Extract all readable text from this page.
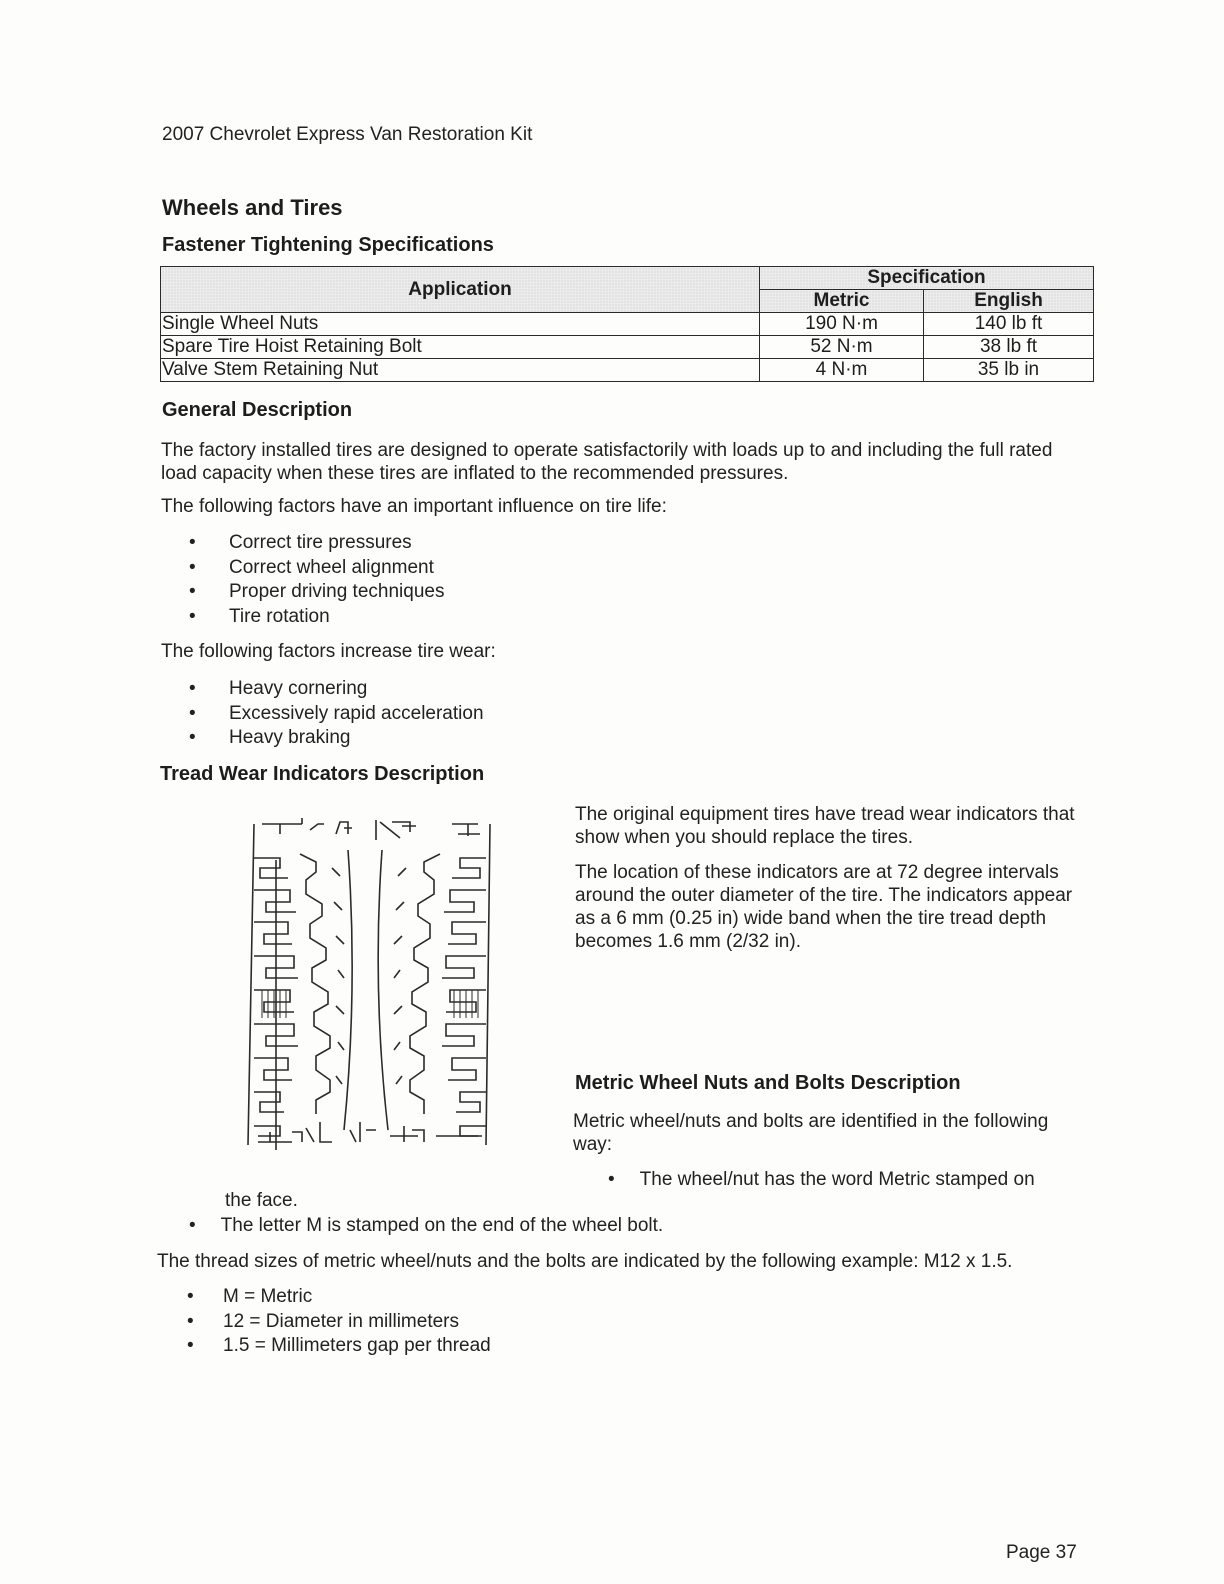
2007 Chevrolet Express Van Restoration Kit
Wheels and Tires
Fastener Tightening Specifications
Application	Specification	
	Metric	English
Single Wheel Nuts	190 N·m	140 lb ft
Spare Tire Hoist Retaining Bolt	52 N·m	38 lb ft
Valve Stem Retaining Nut	4 N·m	35 lb in
General Description
The factory installed tires are designed to operate satisfactorily with loads up to and including the full rated load capacity when these tires are inflated to the recommended pressures.
The following factors have an important influence on tire life:
• Correct tire pressures
• Correct wheel alignment
• Proper driving techniques
• Tire rotation
The following factors increase tire wear:
• Heavy cornering
• Excessively rapid acceleration
• Heavy braking
Tread Wear Indicators Description
The original equipment tires have tread wear indicators that show when you should replace the tires.
The location of these indicators are at 72 degree intervals around the outer diameter of the tire. The indicators appear as a 6 mm (0.25 in) wide band when the tire tread depth becomes 1.6 mm (2/32 in).
Metric Wheel Nuts and Bolts Description
Metric wheel/nuts and bolts are identified in the following way:
• The wheel/nut has the word Metric stamped on
the face.
• The letter M is stamped on the end of the wheel bolt.
The thread sizes of metric wheel/nuts and the bolts are indicated by the following example: M12 x 1.5.
• M = Metric
• 12 = Diameter in millimeters
• 1.5 = Millimeters gap per thread
Page 37
